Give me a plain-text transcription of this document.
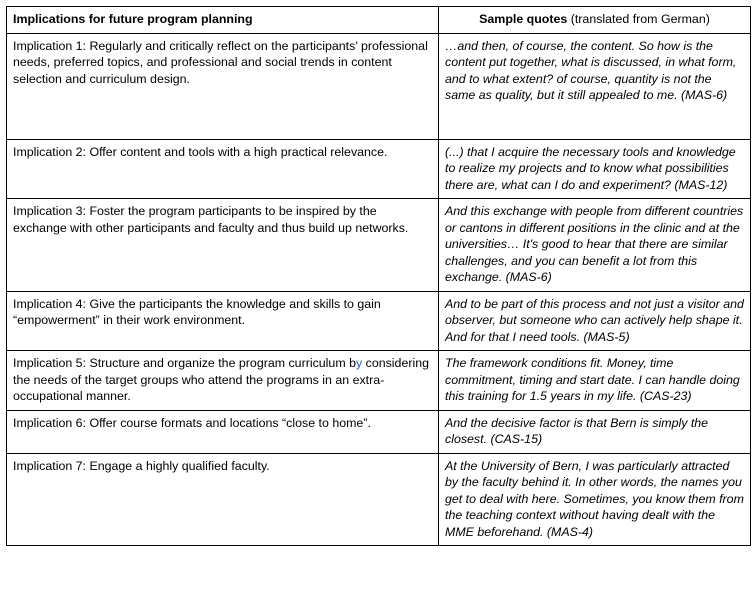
Implications for future program planning	Sample quotes (translated from German)
Implication 1: Regularly and critically reflect on the participants’ professional needs, preferred topics, and professional and social trends in content selection and curriculum design.	…and then, of course, the content. So how is the content put together, what is discussed, in what form, and to what extent? of course, quantity is not the same as quality, but it still appealed to me. (MAS-6)
Implication 2: Offer content and tools with a high practical relevance.	(...) that I acquire the necessary tools and knowledge to realize my projects and to know what possibilities there are, what can I do and experiment? (MAS-12)
Implication 3: Foster the program participants to be inspired by the exchange with other participants and faculty and thus build up networks.	And this exchange with people from different countries or cantons in different positions in the clinic and at the universities… It's good to hear that there are similar challenges, and you can benefit a lot from this exchange. (MAS-6)
Implication 4: Give the participants the knowledge and skills to gain “empowerment” in their work environment.	And to be part of this process and not just a visitor and observer, but someone who can actively help shape it. And for that I need tools. (MAS-5)
Implication 5: Structure and organize the program curriculum by considering the needs of the target groups who attend the programs in an extra-occupational manner.	The framework conditions fit. Money, time commitment, timing and start date. I can handle doing this training for 1.5 years in my life. (CAS-23)
Implication 6: Offer course formats and locations “close to home”.	And the decisive factor is that Bern is simply the closest. (CAS-15)
Implication 7: Engage a highly qualified faculty.	At the University of Bern, I was particularly attracted by the faculty behind it. In other words, the names you get to deal with here. Sometimes, you know them from the teaching context without having dealt with the MME beforehand. (MAS-4)
